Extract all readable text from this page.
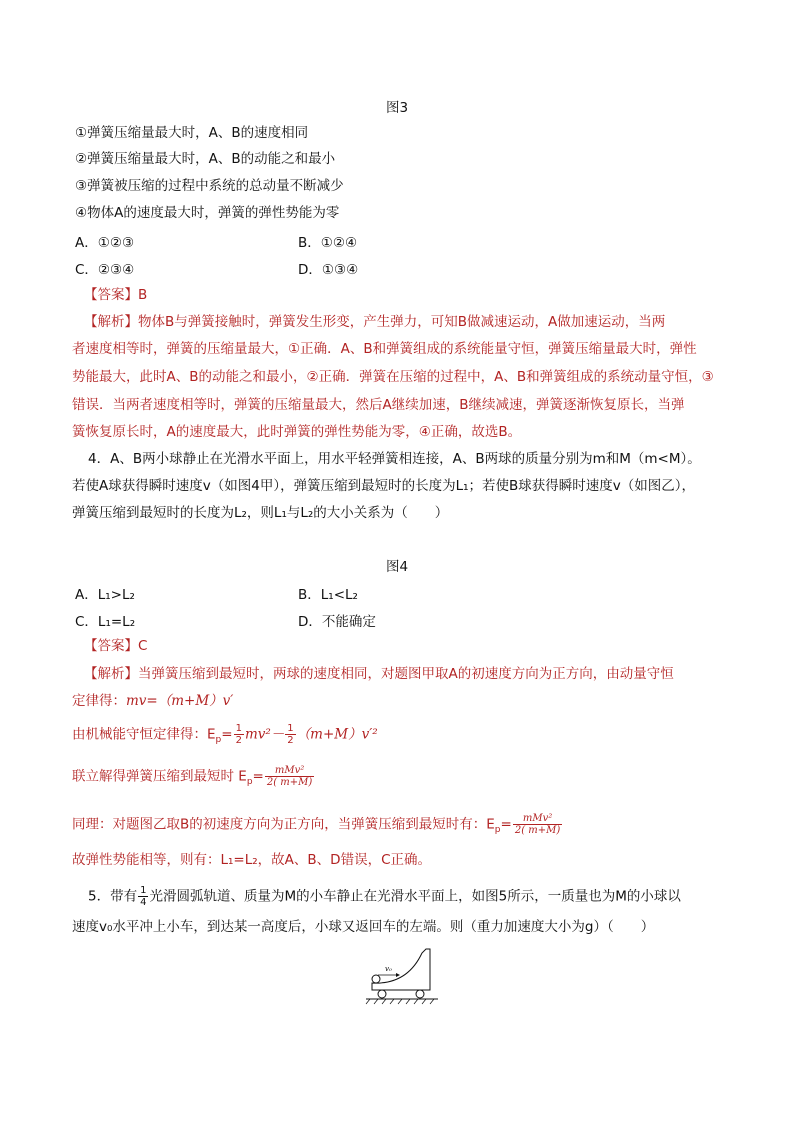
图3
①弹簧压缩量最大时，A、B的速度相同
②弹簧压缩量最大时，A、B的动能之和最小
③弹簧被压缩的过程中系统的总动量不断减少
④物体A的速度最大时，弹簧的弹性势能为零
A．①②③	B．①②④
C．②③④	D．①③④
【答案】B
【解析】物体B与弹簧接触时，弹簧发生形变，产生弹力，可知B做减速运动，A做加速运动，当两
者速度相等时，弹簧的压缩量最大，①正确．A、B和弹簧组成的系统能量守恒，弹簧压缩量最大时，弹性
势能最大，此时A、B的动能之和最小，②正确．弹簧在压缩的过程中，A、B和弹簧组成的系统动量守恒，③
错误．当两者速度相等时，弹簧的压缩量最大，然后A继续加速，B继续减速，弹簧逐渐恢复原长，当弹
簧恢复原长时，A的速度最大，此时弹簧的弹性势能为零，④正确，故选B。
4．A、B两小球静止在光滑水平面上，用水平轻弹簧相连接，A、B两球的质量分别为m和M（m<M）。
若使A球获得瞬时速度v（如图4甲），弹簧压缩到最短时的长度为L₁；若使B球获得瞬时速度v（如图乙），
弹簧压缩到最短时的长度为L₂，则L₁与L₂的大小关系为（　　）
图4
A．L₁>L₂	B．L₁<L₂
C．L₁=L₂	D．不能确定
【答案】C
【解析】当弹簧压缩到最短时，两球的速度相同，对题图甲取A的初速度方向为正方向，由动量守恒
定律得：mv=（m+M）v′
由机械能守恒定律得：$E_p= \frac{1}{2} mv^2- \frac{1}{2} (m+M)v'^2$
联立解得弹簧压缩到最短时 $E_p= \frac{\text{mMv²}}{2( m+M)}$
同理：对题图乙取B的初速度方向为正方向，当弹簧压缩到最短时有：$E_p= \frac{\text{mMv²}}{2( m+M)}$
故弹性势能相等，则有：L₁=L₂，故A、B、D错误，C正确。
5．带有 $\frac{1}{4}$ 光滑圆弧轨道、质量为M的小车静止在光滑水平面上，如图5所示，一质量也为M的小球以
速度v₀水平冲上小车，到达某一高度后，小球又返回车的左端。则（重力加速度大小为g）（　　）
v₀
